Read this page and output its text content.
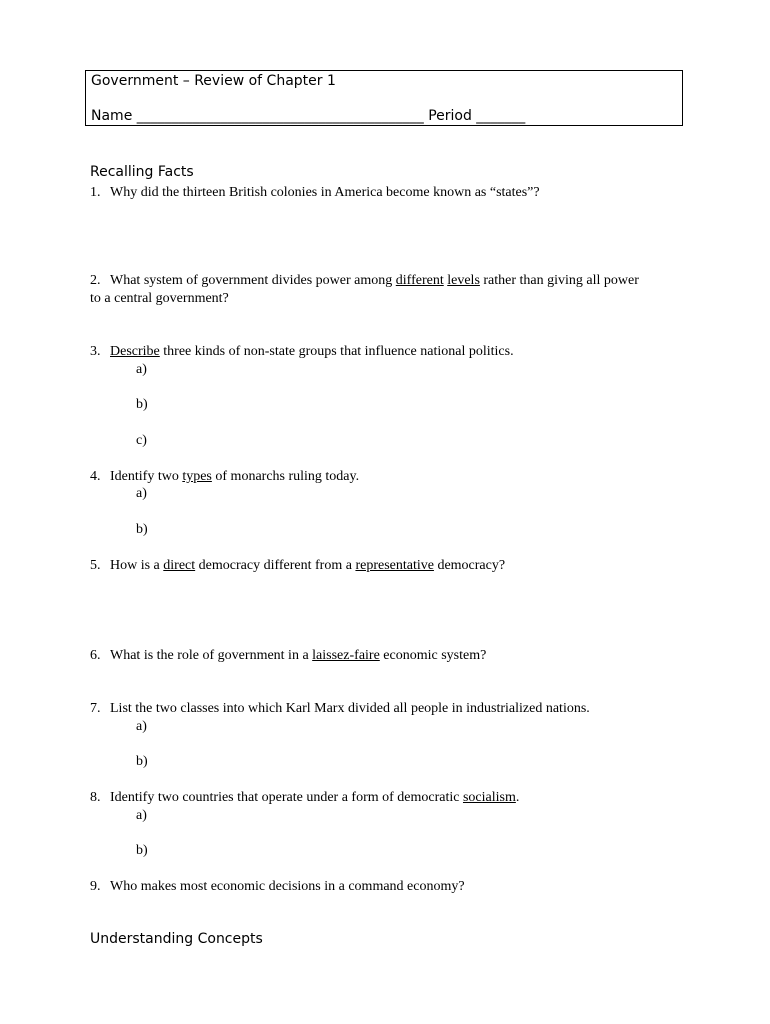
Government – Review of Chapter 1
Name _________________________________________ Period _______
Recalling Facts
1. Why did the thirteen British colonies in America become known as “states”?
2. What system of government divides power among different levels rather than giving all power to a central government?
3. Describe three kinds of non-state groups that influence national politics.
a)
b)
c)
4. Identify two types of monarchs ruling today.
a)
b)
5. How is a direct democracy different from a representative democracy?
6. What is the role of government in a laissez-faire economic system?
7. List the two classes into which Karl Marx divided all people in industrialized nations.
a)
b)
8. Identify two countries that operate under a form of democratic socialism.
a)
b)
9. Who makes most economic decisions in a command economy?
Understanding Concepts
